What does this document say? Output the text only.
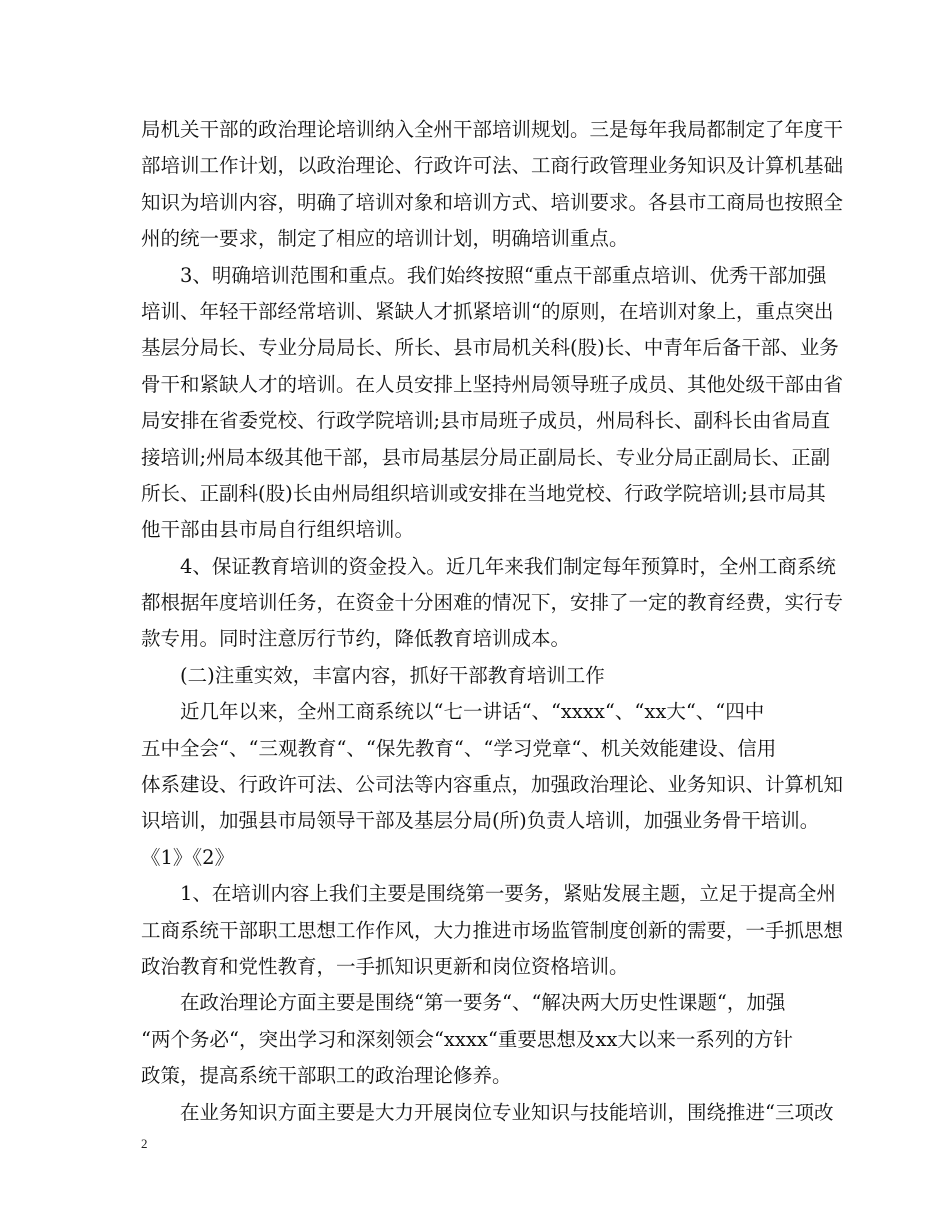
局机关干部的政治理论培训纳入全州干部培训规划。三是每年我局都制定了年度干
部培训工作计划，以政治理论、行政许可法、工商行政管理业务知识及计算机基础
知识为培训内容，明确了培训对象和培训方式、培训要求。各县市工商局也按照全
州的统一要求，制定了相应的培训计划，明确培训重点。
　　3、明确培训范围和重点。我们始终按照“重点干部重点培训、优秀干部加强
培训、年轻干部经常培训、紧缺人才抓紧培训“的原则，在培训对象上，重点突出
基层分局长、专业分局局长、所长、县市局机关科(股)长、中青年后备干部、业务
骨干和紧缺人才的培训。在人员安排上坚持州局领导班子成员、其他处级干部由省
局安排在省委党校、行政学院培训;县市局班子成员，州局科长、副科长由省局直
接培训;州局本级其他干部，县市局基层分局正副局长、专业分局正副局长、正副
所长、正副科(股)长由州局组织培训或安排在当地党校、行政学院培训;县市局其
他干部由县市局自行组织培训。
　　4、保证教育培训的资金投入。近几年来我们制定每年预算时，全州工商系统
都根据年度培训任务，在资金十分困难的情况下，安排了一定的教育经费，实行专
款专用。同时注意厉行节约，降低教育培训成本。
　　(二)注重实效，丰富内容，抓好干部教育培训工作
　　近几年以来，全州工商系统以“七一讲话“、“xxxx“、“xx大“、“四中
五中全会“、“三观教育“、“保先教育“、“学习党章“、机关效能建设、信用
体系建设、行政许可法、公司法等内容重点，加强政治理论、业务知识、计算机知
识培训，加强县市局领导干部及基层分局(所)负责人培训，加强业务骨干培训。
《1》《2》
　　1、在培训内容上我们主要是围绕第一要务，紧贴发展主题，立足于提高全州
工商系统干部职工思想工作作风，大力推进市场监管制度创新的需要，一手抓思想
政治教育和党性教育，一手抓知识更新和岗位资格培训。
　　在政治理论方面主要是围绕“第一要务“、“解决两大历史性课题“，加强
“两个务必“，突出学习和深刻领会“xxxx“重要思想及xx大以来一系列的方针
政策，提高系统干部职工的政治理论修养。
　　在业务知识方面主要是大力开展岗位专业知识与技能培训，围绕推进“三项改
2
